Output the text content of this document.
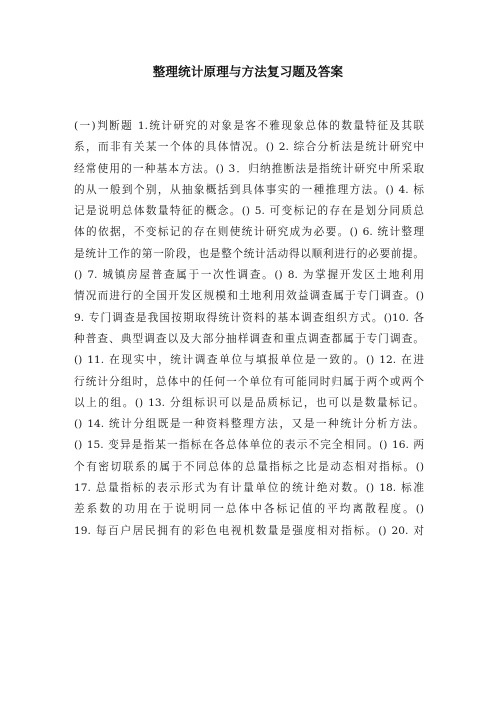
整理统计原理与方法复习题及答案
(一)判断题 1.统计研究的对象是客不雅现象总体的数量特征及其联
系，而非有关某一个体的具体情况。() 2. 综合分析法是统计研究中
经常使用的一种基本方法。() 3．归纳推断法是指统计研究中所采取
的从一般到个别，从抽象概括到具体事实的一種推理方法。() 4. 标
记是说明总体数量特征的概念。() 5. 可变标记的存在是划分同质总
体的依据，不变标记的存在则使统计研究成为必要。() 6. 统计整理
是统计工作的第一阶段，也是整个统计活动得以顺利进行的必要前提。
() 7. 城镇房屋普查属于一次性调查。() 8. 为掌握开发区土地利用
情况而进行的全国开发区规模和土地利用效益调查属于专门调查。()
9. 专门调查是我国按期取得统计资料的基本调查组织方式。()10. 各
种普查、典型调查以及大部分抽样调查和重点调查都属于专门调查。
() 11. 在现实中，统计调查单位与填报单位是一致的。() 12. 在进
行统计分组时，总体中的任何一个单位有可能同时归属于两个或两个
以上的组。() 13. 分组标识可以是品质标记，也可以是数量标记。
() 14. 统计分组既是一种资料整理方法，又是一种统计分析方法。
() 15. 变异是指某一指标在各总体单位的表示不完全相同。() 16. 两
个有密切联系的属于不同总体的总量指标之比是动态相对指标。()
17. 总量指标的表示形式为有计量单位的统计绝对数。() 18. 标准
差系数的功用在于说明同一总体中各标记值的平均离散程度。()
19. 每百户居民拥有的彩色电视机数量是强度相对指标。() 20. 对
